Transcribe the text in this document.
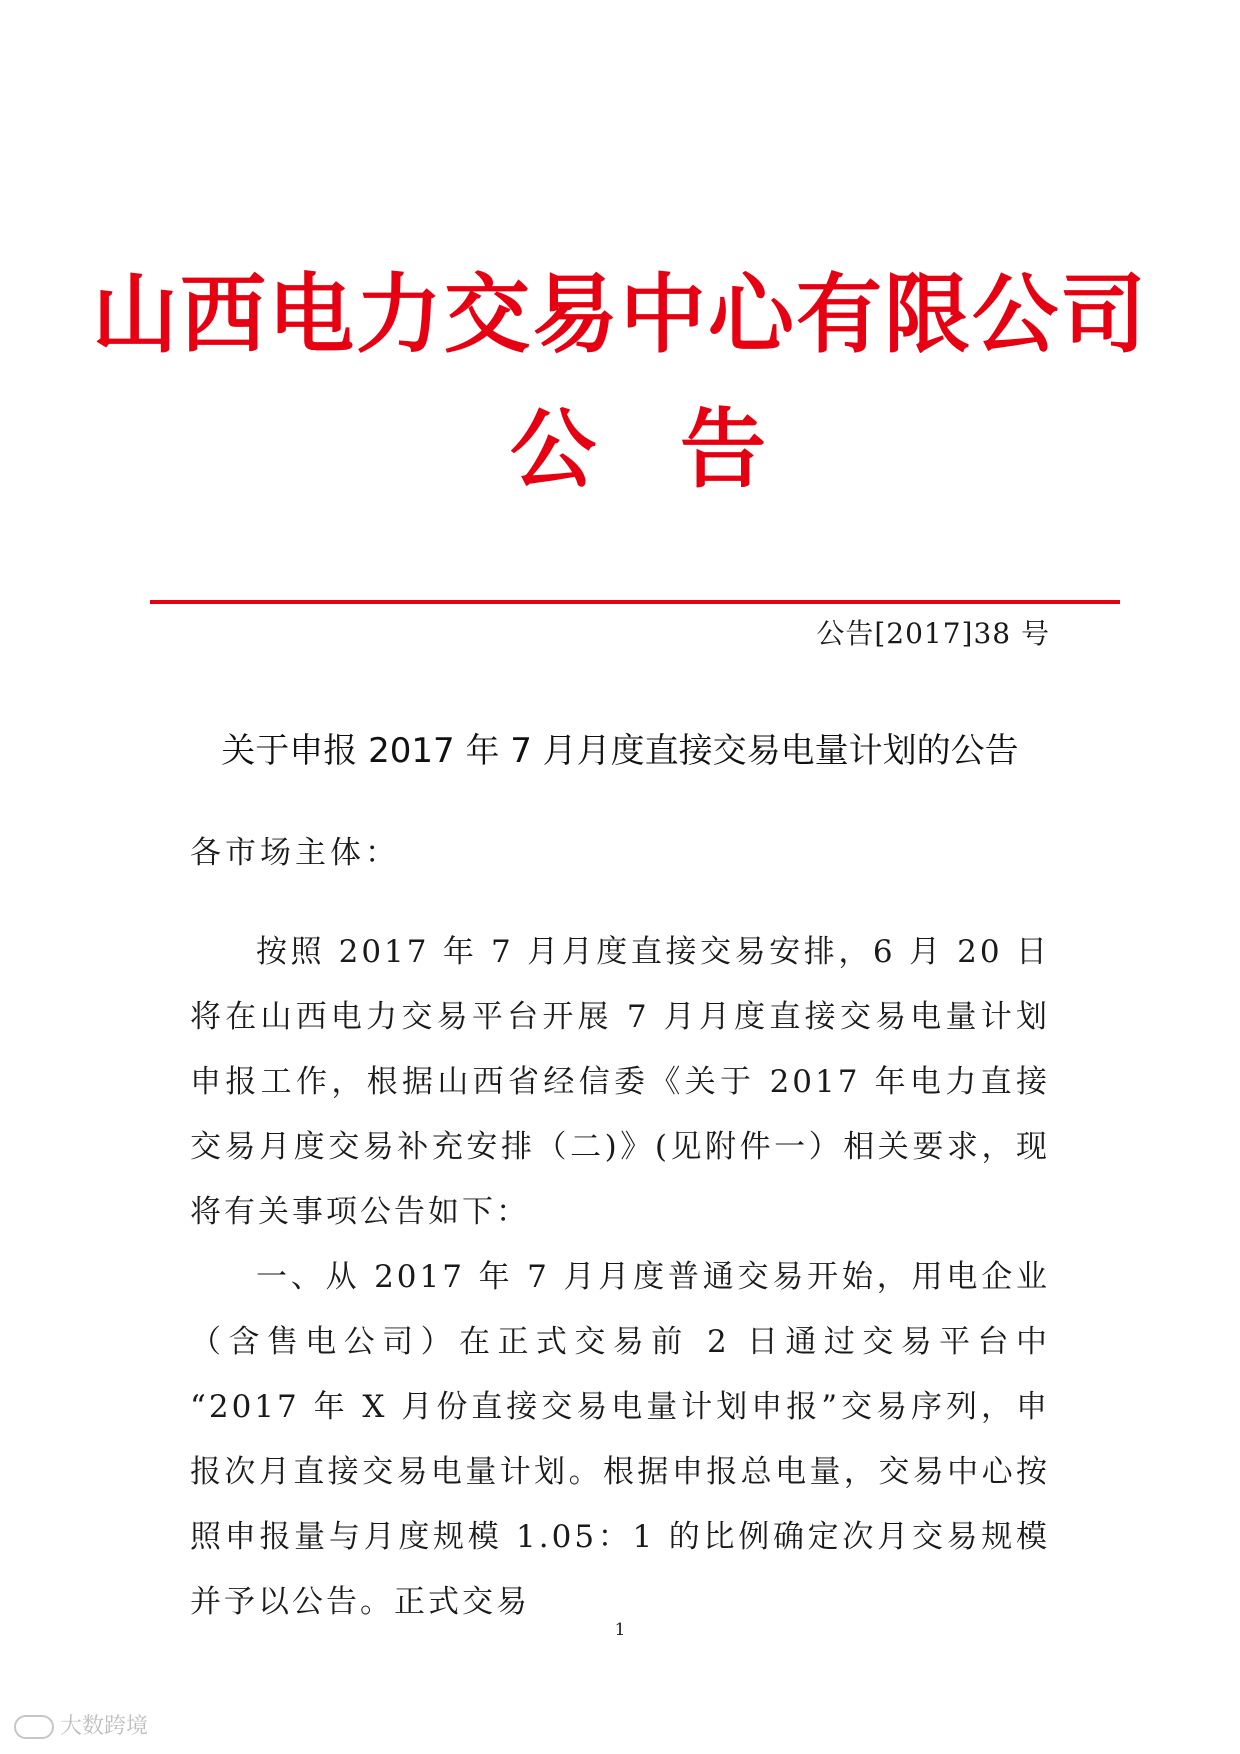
山西电力交易中心有限公司
公 告
公告[2017]38 号
关于申报 2017 年 7 月月度直接交易电量计划的公告

各市场主体：

按照 2017 年 7 月月度直接交易安排，6 月 20 日将在山西电力交易平台开展 7 月月度直接交易电量计划申报工作，根据山西省经信委《关于 2017 年电力直接交易月度交易补充安排（二)》(见附件一）相关要求，现将有关事项公告如下：

一、从 2017 年 7 月月度普通交易开始，用电企业（含售电公司）在正式交易前 2 日通过交易平台中 “2017 年 X 月份直接交易电量计划申报”交易序列，申报次月直接交易电量计划。根据申报总电量，交易中心按照申报量与月度规模 1.05：1 的比例确定次月交易规模并予以公告。正式交易

1
大数跨境
